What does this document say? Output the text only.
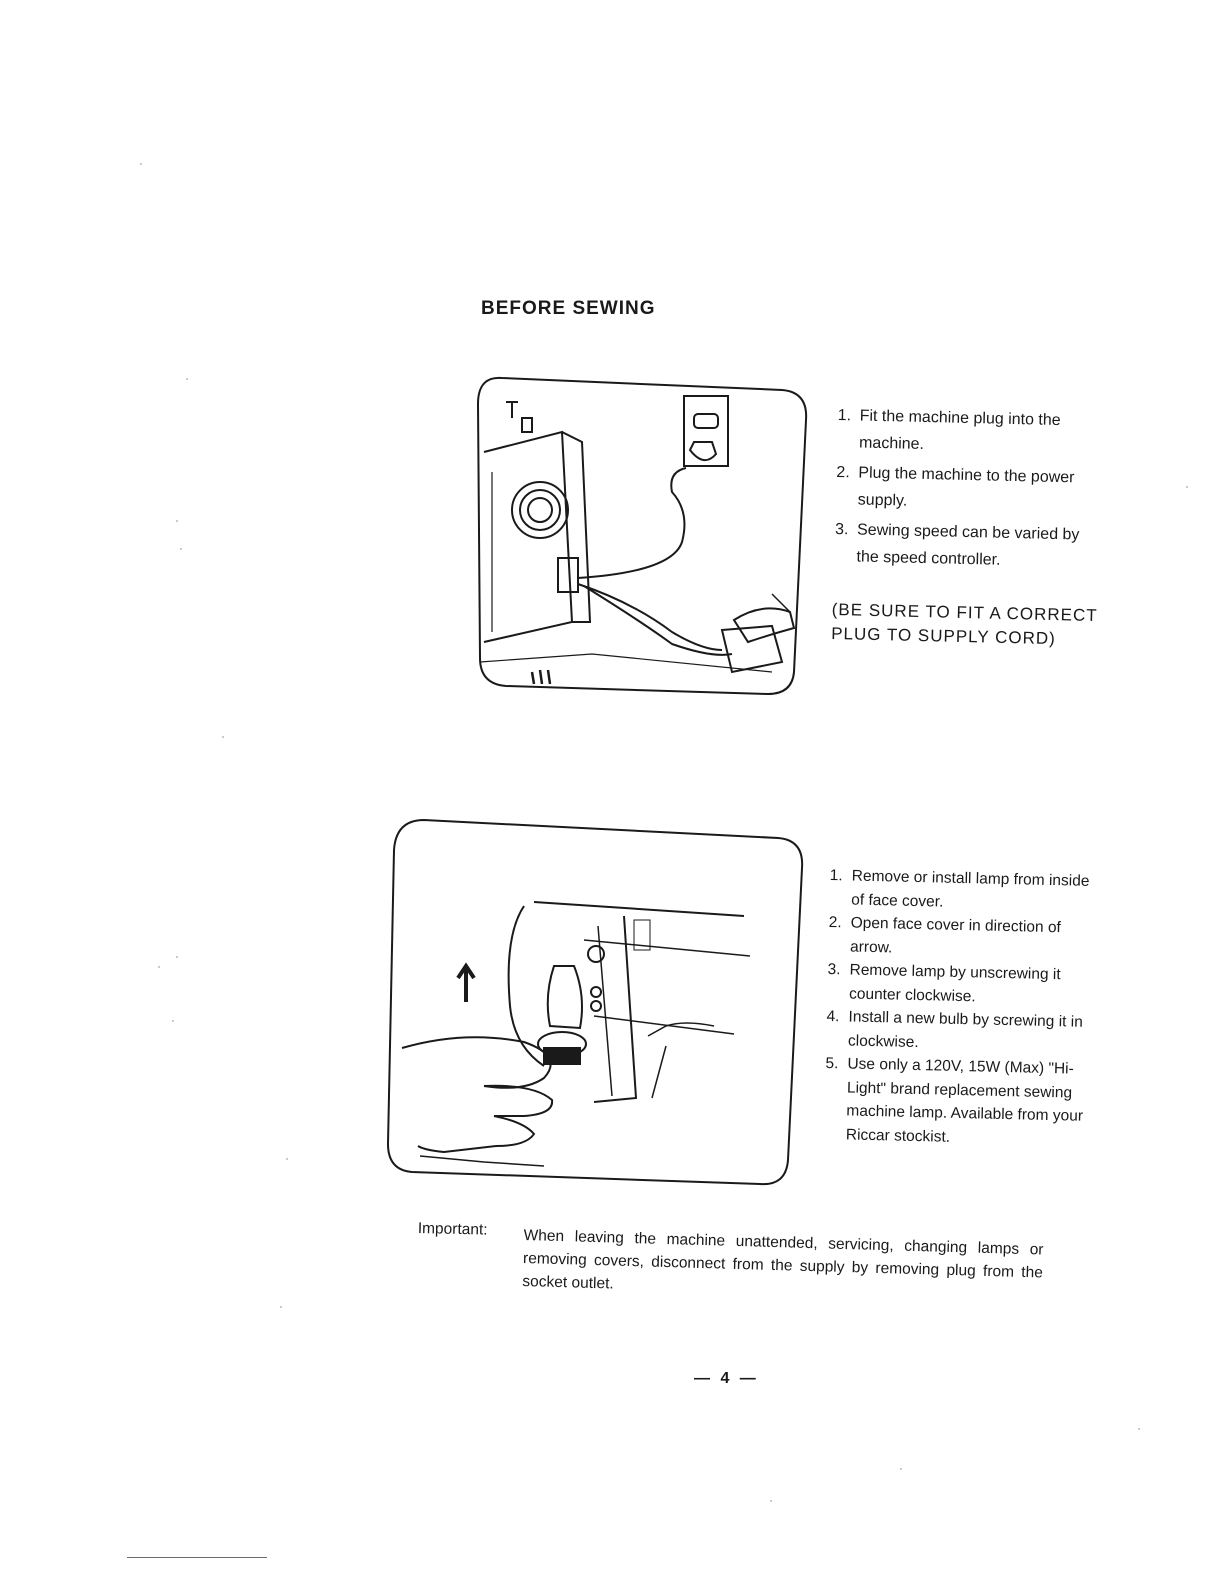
BEFORE SEWING
1. Fit the machine plug into the machine.
2. Plug the machine to the power supply.
3. Sewing speed can be varied by the speed controller.
(BE SURE TO FIT A CORRECT PLUG TO SUPPLY CORD)
1. Remove or install lamp from inside of face cover.
2. Open face cover in direction of arrow.
3. Remove lamp by unscrewing it counter clockwise.
4. Install a new bulb by screwing it in clockwise.
5. Use only a 120V, 15W (Max) "Hi-Light" brand replacement sewing machine lamp. Available from your Riccar stockist.
Important: When leaving the machine unattended, servicing, changing lamps or removing covers, disconnect from the supply by removing plug from the socket outlet.
— 4 —
